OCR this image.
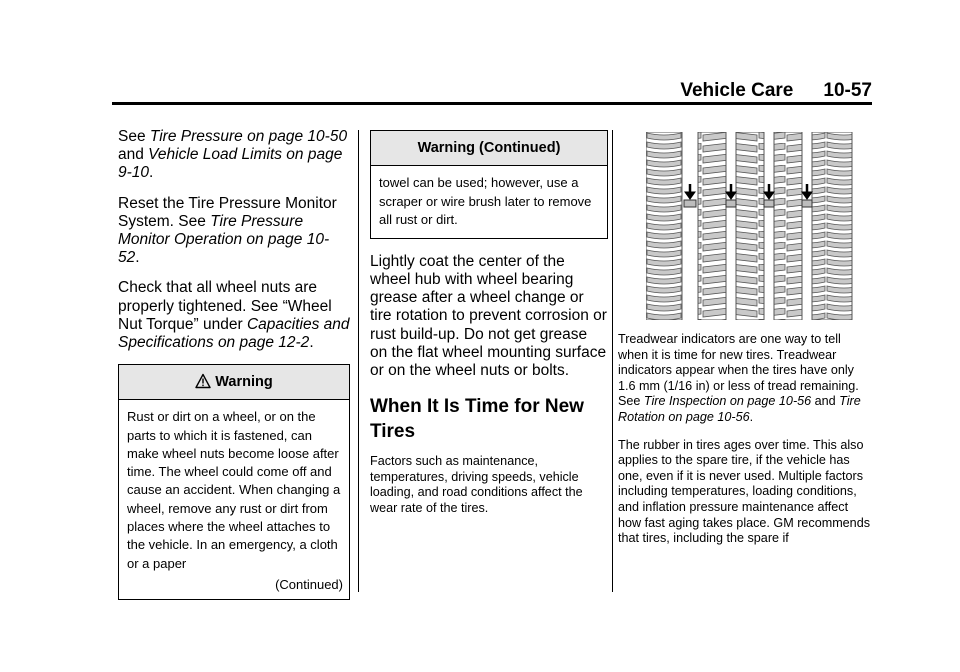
Vehicle Care 10-57

See Tire Pressure on page 10-50 and Vehicle Load Limits on page 9-10.

Reset the Tire Pressure Monitor System. See Tire Pressure Monitor Operation on page 10-52.

Check that all wheel nuts are properly tightened. See “Wheel Nut Torque” under Capacities and Specifications on page 12-2.

Warning
Rust or dirt on a wheel, or on the parts to which it is fastened, can make wheel nuts become loose after time. The wheel could come off and cause an accident. When changing a wheel, remove any rust or dirt from places where the wheel attaches to the vehicle. In an emergency, a cloth or a paper
(Continued)
Warning (Continued)
towel can be used; however, use a scraper or wire brush later to remove all rust or dirt.

Lightly coat the center of the wheel hub with wheel bearing grease after a wheel change or tire rotation to prevent corrosion or rust build-up. Do not get grease on the flat wheel mounting surface or on the wheel nuts or bolts.

When It Is Time for New Tires

Factors such as maintenance, temperatures, driving speeds, vehicle loading, and road conditions affect the wear rate of the tires.

Treadwear indicators are one way to tell when it is time for new tires. Treadwear indicators appear when the tires have only 1.6 mm (1/16 in) or less of tread remaining. See Tire Inspection on page 10-56 and Tire Rotation on page 10-56.

The rubber in tires ages over time. This also applies to the spare tire, if the vehicle has one, even if it is never used. Multiple factors including temperatures, loading conditions, and inflation pressure maintenance affect how fast aging takes place. GM recommends that tires, including the spare if
